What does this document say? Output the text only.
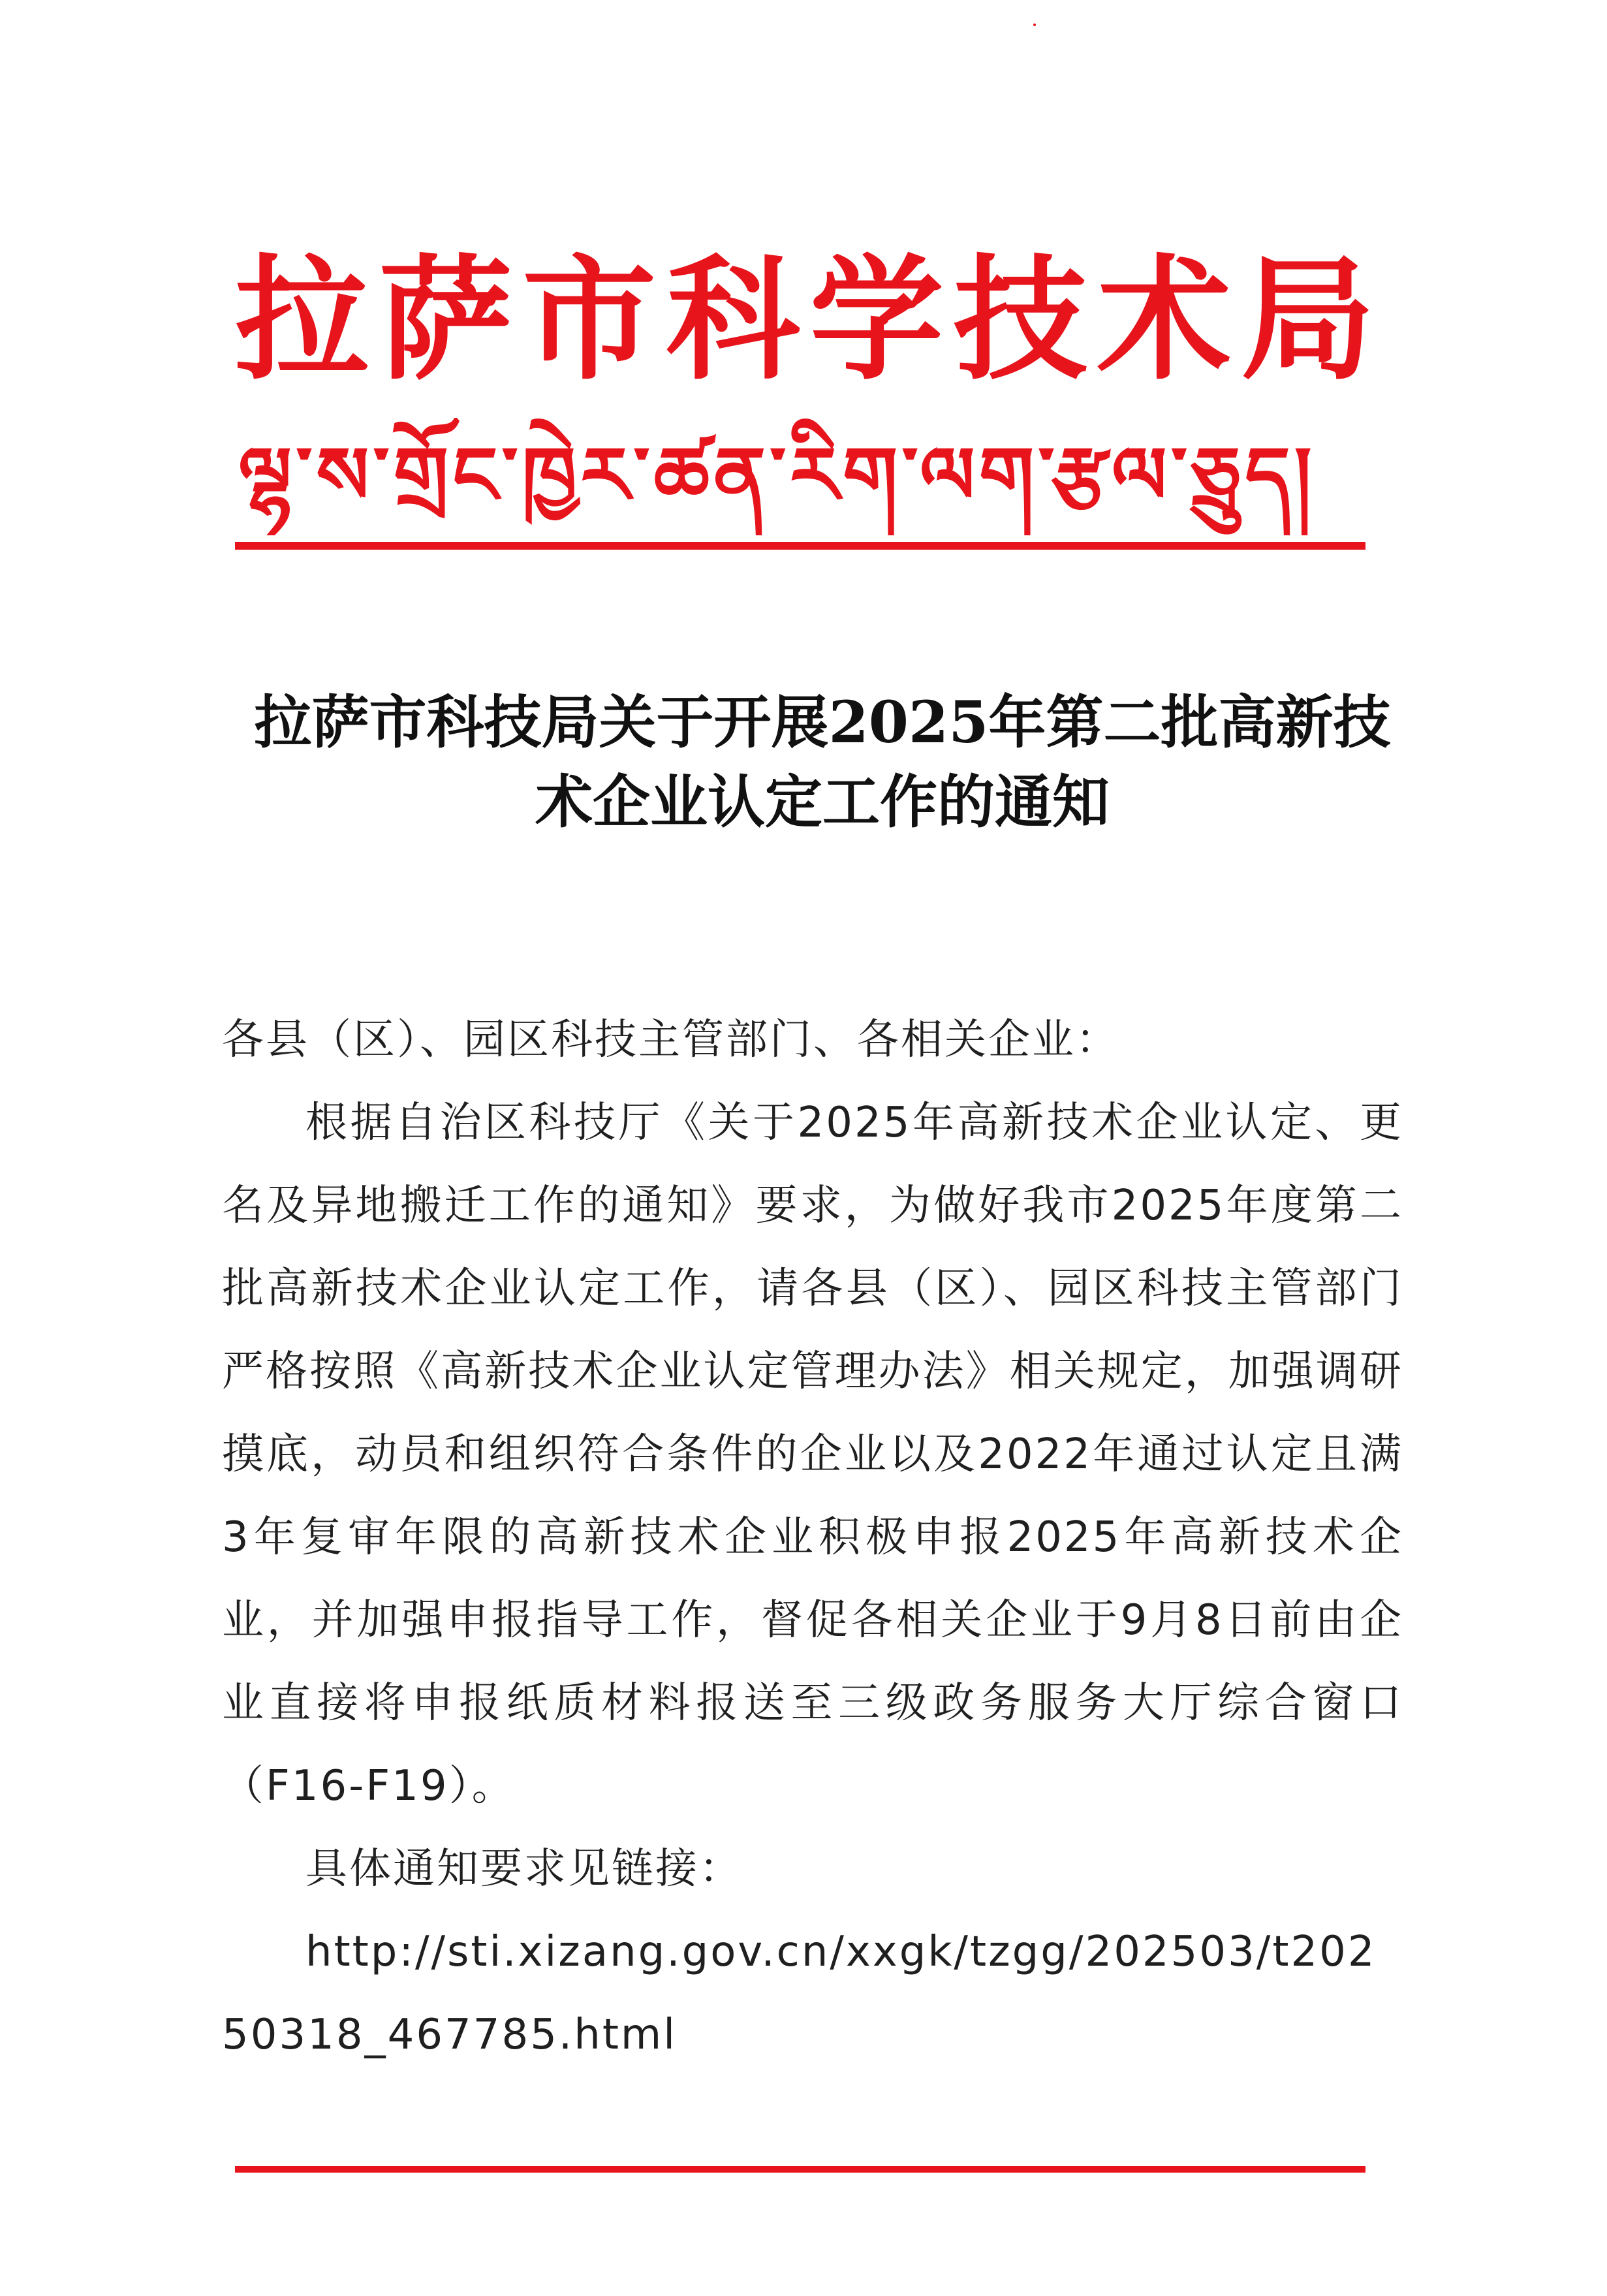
拉萨市科学技术局
ལྷ་ས་གྲོང་ཁྱེར་ཚན་རིག་ལག་རྩལ་ཅྲུད།
拉萨市科技局关于开展2025年第二批高新技
术企业认定工作的通知

各县（区）、园区科技主管部门、各相关企业：

根据自治区科技厅《关于2025年高新技术企业认定、更名及异地搬迁工作的通知》要求，为做好我市2025年度第二批高新技术企业认定工作，请各县（区）、园区科技主管部门严格按照《高新技术企业认定管理办法》相关规定，加强调研摸底，动员和组织符合条件的企业以及2022年通过认定且满3年复审年限的高新技术企业积极申报2025年高新技术企业，并加强申报指导工作，督促各相关企业于9月8日前由企业直接将申报纸质材料报送至三级政务服务大厅综合窗口（F16-F19）。

具体通知要求见链接：

http://sti.xizang.gov.cn/xxgk/tzgg/202503/t20250318_467785.html
